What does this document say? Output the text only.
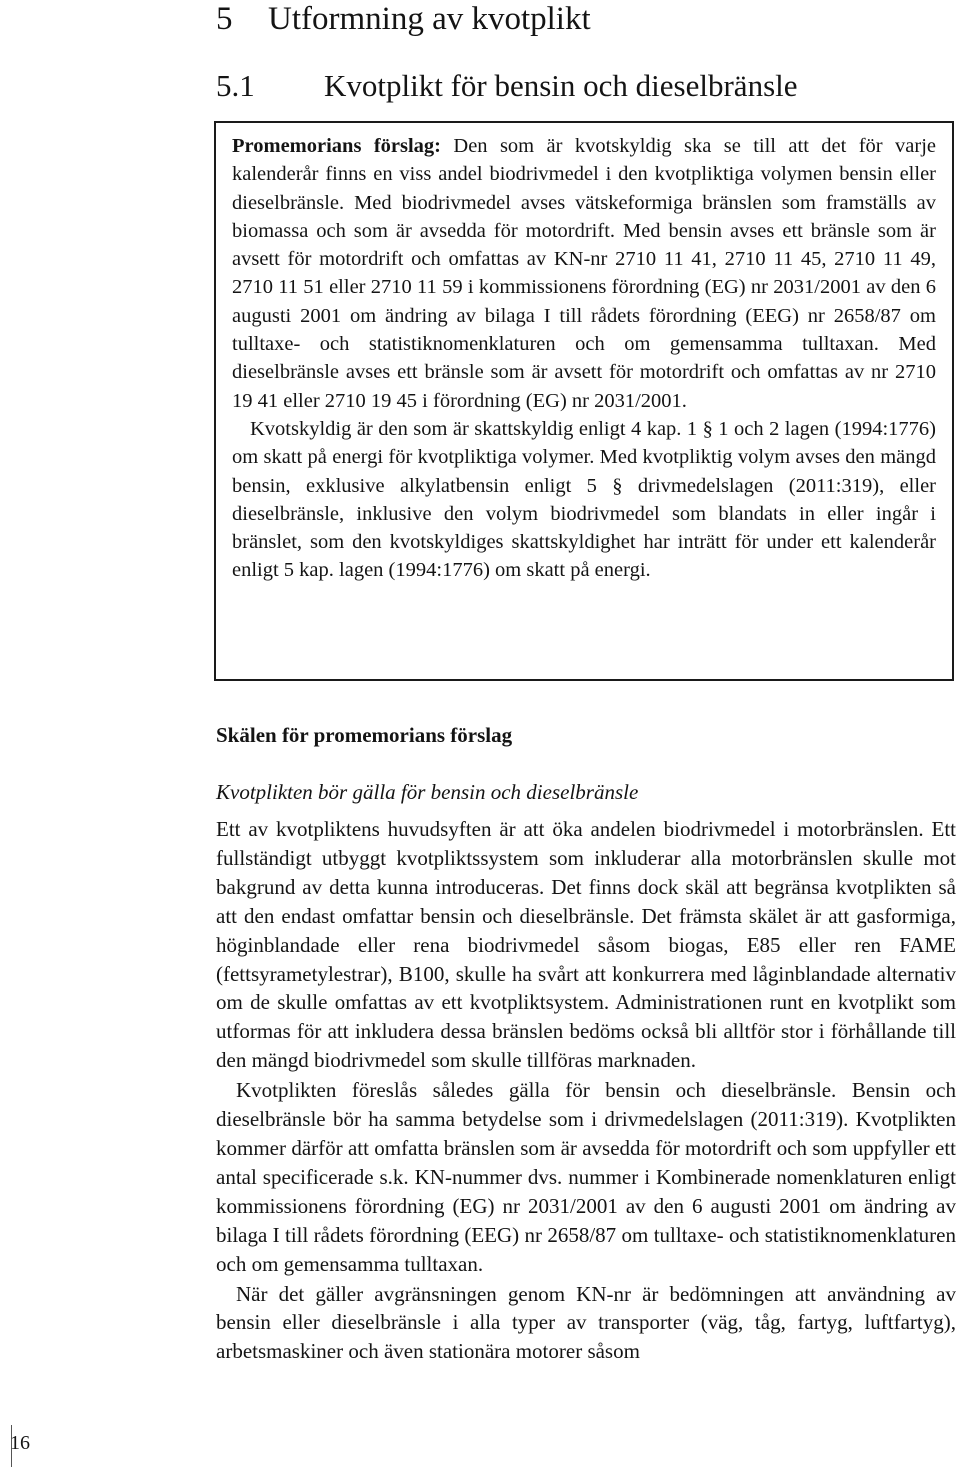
5 Utformning av kvotplikt
5.1 Kvotplikt för bensin och dieselbränsle

Promemorians förslag: Den som är kvotskyldig ska se till att det för varje kalenderår finns en viss andel biodrivmedel i den kvotpliktiga volymen bensin eller dieselbränsle. Med biodrivmedel avses vätskeformiga bränslen som framställs av biomassa och som är avsedda för motordrift. Med bensin avses ett bränsle som är avsett för motordrift och omfattas av KN-nr 2710 11 41, 2710 11 45, 2710 11 49, 2710 11 51 eller 2710 11 59 i kommissionens förordning (EG) nr 2031/2001 av den 6 augusti 2001 om ändring av bilaga I till rådets förordning (EEG) nr 2658/87 om tulltaxe- och statistiknomenklaturen och om gemensamma tulltaxan. Med dieselbränsle avses ett bränsle som är avsett för motordrift och omfattas av nr 2710 19 41 eller 2710 19 45 i förordning (EG) nr 2031/2001.

Kvotskyldig är den som är skattskyldig enligt 4 kap. 1 § 1 och 2 lagen (1994:1776) om skatt på energi för kvotpliktiga volymer. Med kvotpliktig volym avses den mängd bensin, exklusive alkylatbensin enligt 5 § drivmedelslagen (2011:319), eller dieselbränsle, inklusive den volym biodrivmedel som blandats in eller ingår i bränslet, som den kvotskyldiges skattskyldighet har inträtt för under ett kalenderår enligt 5 kap. lagen (1994:1776) om skatt på energi.

Skälen för promemorians förslag
Kvotplikten bör gälla för bensin och dieselbränsle

Ett av kvotpliktens huvudsyften är att öka andelen biodrivmedel i motorbränslen. Ett fullständigt utbyggt kvotpliktssystem som inkluderar alla motorbränslen skulle mot bakgrund av detta kunna introduceras. Det finns dock skäl att begränsa kvotplikten så att den endast omfattar bensin och dieselbränsle. Det främsta skälet är att gasformiga, höginblandade eller rena biodrivmedel såsom biogas, E85 eller ren FAME (fettsyrametylestrar), B100, skulle ha svårt att konkurrera med låginblandade alternativ om de skulle omfattas av ett kvotpliktsystem. Administrationen runt en kvotplikt som utformas för att inkludera dessa bränslen bedöms också bli alltför stor i förhållande till den mängd biodrivmedel som skulle tillföras marknaden.

Kvotplikten föreslås således gälla för bensin och dieselbränsle. Bensin och dieselbränsle bör ha samma betydelse som i drivmedelslagen (2011:319). Kvotplikten kommer därför att omfatta bränslen som är avsedda för motordrift och som uppfyller ett antal specificerade s.k. KN-nummer dvs. nummer i Kombinerade nomenklaturen enligt kommissionens förordning (EG) nr 2031/2001 av den 6 augusti 2001 om ändring av bilaga I till rådets förordning (EEG) nr 2658/87 om tulltaxe- och statistiknomenklaturen och om gemensamma tulltaxan.

När det gäller avgränsningen genom KN-nr är bedömningen att användning av bensin eller dieselbränsle i alla typer av transporter (väg, tåg, fartyg, luftfartyg), arbetsmaskiner och även stationära motorer såsom

16
